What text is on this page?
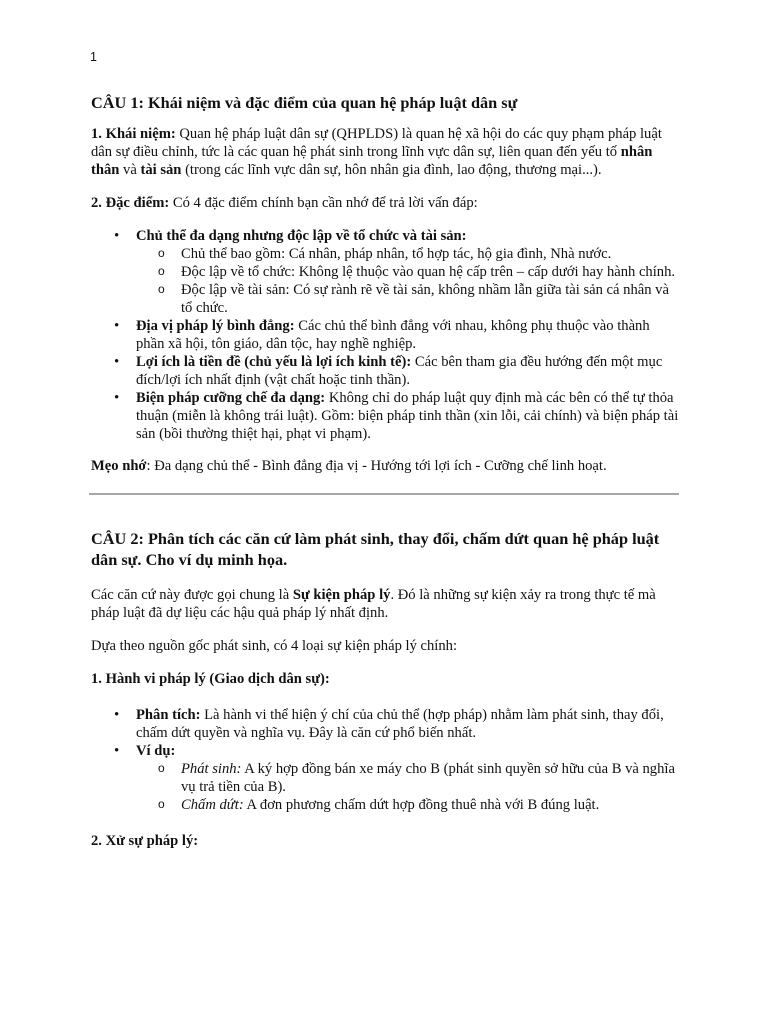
1
CÂU 1: Khái niệm và đặc điểm của quan hệ pháp luật dân sự

1. Khái niệm: Quan hệ pháp luật dân sự (QHPLDS) là quan hệ xã hội do các quy phạm pháp luật dân sự điều chỉnh, tức là các quan hệ phát sinh trong lĩnh vực dân sự, liên quan đến yếu tố nhân thân và tài sản (trong các lĩnh vực dân sự, hôn nhân gia đình, lao động, thương mại...).

2. Đặc điểm: Có 4 đặc điểm chính bạn cần nhớ để trả lời vấn đáp:

• Chủ thể đa dạng nhưng độc lập về tổ chức và tài sản:
o Chủ thể bao gồm: Cá nhân, pháp nhân, tổ hợp tác, hộ gia đình, Nhà nước.
o Độc lập về tổ chức: Không lệ thuộc vào quan hệ cấp trên – cấp dưới hay hành chính.
o Độc lập về tài sản: Có sự rành rẽ về tài sản, không nhầm lẫn giữa tài sản cá nhân và tổ chức.
• Địa vị pháp lý bình đẳng: Các chủ thể bình đẳng với nhau, không phụ thuộc vào thành phần xã hội, tôn giáo, dân tộc, hay nghề nghiệp.
• Lợi ích là tiền đề (chủ yếu là lợi ích kinh tế): Các bên tham gia đều hướng đến một mục đích/lợi ích nhất định (vật chất hoặc tinh thần).
• Biện pháp cưỡng chế đa dạng: Không chỉ do pháp luật quy định mà các bên có thể tự thỏa thuận (miễn là không trái luật). Gồm: biện pháp tinh thần (xin lỗi, cải chính) và biện pháp tài sản (bồi thường thiệt hại, phạt vi phạm).

Mẹo nhớ: Đa dạng chủ thể - Bình đẳng địa vị - Hướng tới lợi ích - Cưỡng chế linh hoạt.

CÂU 2: Phân tích các căn cứ làm phát sinh, thay đổi, chấm dứt quan hệ pháp luật dân sự. Cho ví dụ minh họa.

Các căn cứ này được gọi chung là Sự kiện pháp lý. Đó là những sự kiện xảy ra trong thực tế mà pháp luật đã dự liệu các hậu quả pháp lý nhất định.

Dựa theo nguồn gốc phát sinh, có 4 loại sự kiện pháp lý chính:

1. Hành vi pháp lý (Giao dịch dân sự):

• Phân tích: Là hành vi thể hiện ý chí của chủ thể (hợp pháp) nhằm làm phát sinh, thay đổi, chấm dứt quyền và nghĩa vụ. Đây là căn cứ phổ biến nhất.
• Ví dụ:
o Phát sinh: A ký hợp đồng bán xe máy cho B (phát sinh quyền sở hữu của B và nghĩa vụ trả tiền của B).
o Chấm dứt: A đơn phương chấm dứt hợp đồng thuê nhà với B đúng luật.

2. Xử sự pháp lý:
